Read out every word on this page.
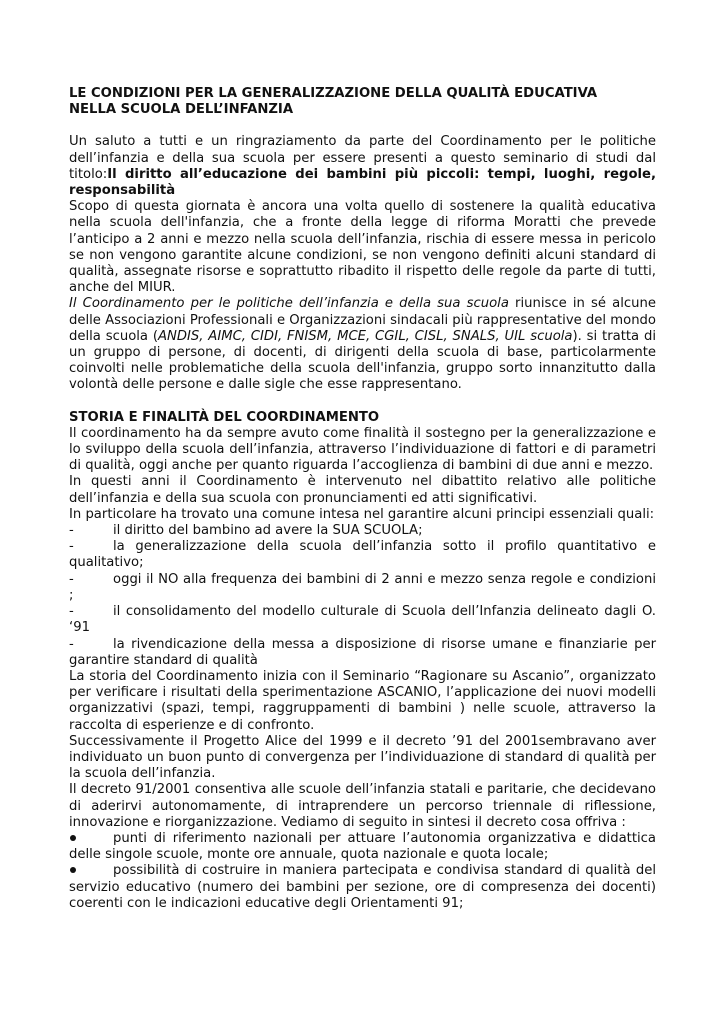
LE CONDIZIONI PER LA GENERALIZZAZIONE DELLA QUALITÀ EDUCATIVA
NELLA SCUOLA DELL’INFANZIA

Un saluto a tutti e un ringraziamento da parte del Coordinamento per le politiche dell’infanzia e della sua scuola per essere presenti a questo seminario di studi dal titolo:Il diritto all’educazione dei bambini più piccoli: tempi, luoghi, regole, responsabilità

Scopo di questa giornata è ancora una volta quello di sostenere la qualità educativa nella scuola dell'infanzia, che a fronte della legge di riforma Moratti che prevede l’anticipo a 2 anni e mezzo nella scuola dell’infanzia, rischia di essere messa in pericolo se non vengono garantite alcune condizioni, se non vengono definiti alcuni standard di qualità, assegnate risorse e soprattutto ribadito il rispetto delle regole da parte di tutti, anche del MIUR.

Il Coordinamento per le politiche dell’infanzia e della sua scuola riunisce in sé alcune delle Associazioni Professionali e Organizzazioni sindacali più rappresentative del mondo della scuola (ANDIS, AIMC, CIDI, FNISM, MCE, CGIL, CISL, SNALS, UIL scuola). si tratta di un gruppo di persone, di docenti, di dirigenti della scuola di base, particolarmente coinvolti nelle problematiche della scuola dell'infanzia, gruppo sorto innanzitutto dalla volontà delle persone e dalle sigle che esse rappresentano.

STORIA E FINALITÀ DEL COORDINAMENTO

Il coordinamento ha da sempre avuto come finalità il sostegno per la generalizzazione e lo sviluppo della scuola dell’infanzia, attraverso l’individuazione di fattori e di parametri di qualità, oggi anche per quanto riguarda l’accoglienza di bambini di due anni e mezzo.

In questi anni il Coordinamento è intervenuto nel dibattito relativo alle politiche dell’infanzia e della sua scuola con pronunciamenti ed atti significativi.

In particolare ha trovato una comune intesa nel garantire alcuni principi essenziali quali:

-	il diritto del bambino ad avere la SUA SCUOLA;
-	la generalizzazione della scuola dell’infanzia sotto il profilo quantitativo e qualitativo;
-	oggi il NO alla frequenza dei bambini di 2 anni e mezzo senza regole e condizioni ;
-	il consolidamento del modello culturale di Scuola dell’Infanzia delineato dagli O. ‘91
-	la rivendicazione della messa a disposizione di risorse umane e finanziarie per garantire standard di qualità

La storia del Coordinamento inizia con il Seminario “Ragionare su Ascanio”, organizzato per verificare i risultati della sperimentazione ASCANIO, l’applicazione dei nuovi modelli organizzativi (spazi, tempi, raggruppamenti di bambini ) nelle scuole, attraverso la raccolta di esperienze e di confronto.

Successivamente il Progetto Alice del 1999 e il decreto ’91 del 2001sembravano aver individuato un buon punto di convergenza per l’individuazione di standard di qualità per la scuola dell’infanzia.

Il decreto 91/2001 consentiva alle scuole dell’infanzia statali e paritarie, che decidevano di aderirvi autonomamente, di intraprendere un percorso triennale di riflessione, innovazione e riorganizzazione. Vediamo di seguito in sintesi il decreto cosa offriva :

punti di riferimento nazionali per attuare l’autonomia organizzativa e didattica delle singole scuole, monte ore annuale, quota nazionale e quota locale;
possibilità di costruire in maniera partecipata e condivisa standard di qualità del servizio educativo (numero dei bambini per sezione, ore di compresenza dei docenti) coerenti con le indicazioni educative degli Orientamenti 91;
